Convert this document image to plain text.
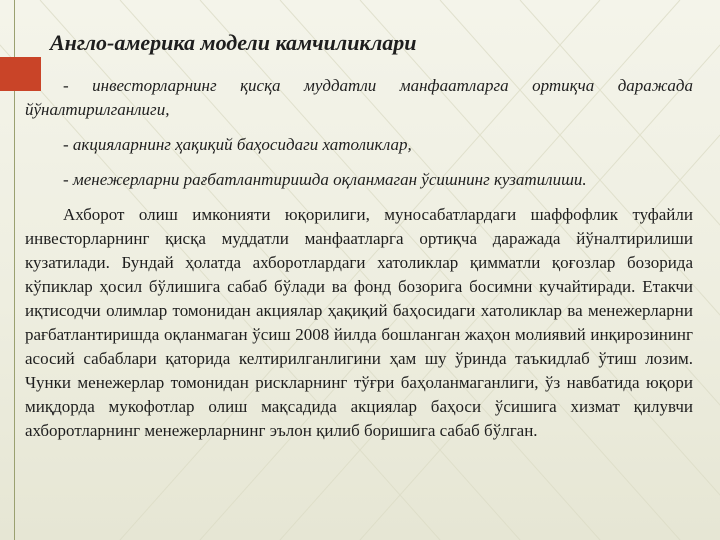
Англо-америка модели камчиликлари

- инвесторларнинг қисқа муддатли манфаатларга ортиқча даражада йўналтирилганлиги,

- акцияларнинг ҳақиқий баҳосидаги хатоликлар,

- менежерларни рағбатлантиришда оқланмаган ўсишнинг кузатилиши.

Ахборот олиш имконияти юқорилиги, муносабатлардаги шаффофлик туфайли инвесторларнинг қисқа муддатли манфаатларга ортиқча даражада йўналтирилиши кузатилади. Бундай ҳолатда ахборотлардаги хатоликлар қимматли қоғозлар бозорида кўпиклар ҳосил бўлишига сабаб бўлади ва фонд бозорига босимни кучайтиради. Етакчи иқтисодчи олимлар томонидан акциялар ҳақиқий баҳосидаги хатоликлар ва менежерларни рағбатлантиришда оқланмаган ўсиш 2008 йилда бошланган жаҳон молиявий инқирозининг асосий сабаблари қаторида келтирилганлигини ҳам шу ўринда таъкидлаб ўтиш лозим. Чунки менежерлар томонидан рискларнинг тўғри баҳоланмаганлиги, ўз навбатида юқори миқдорда мукофотлар олиш мақсадида акциялар баҳоси ўсишига хизмат қилувчи ахборотларнинг менежерларнинг эълон қилиб боришига сабаб бўлган.
